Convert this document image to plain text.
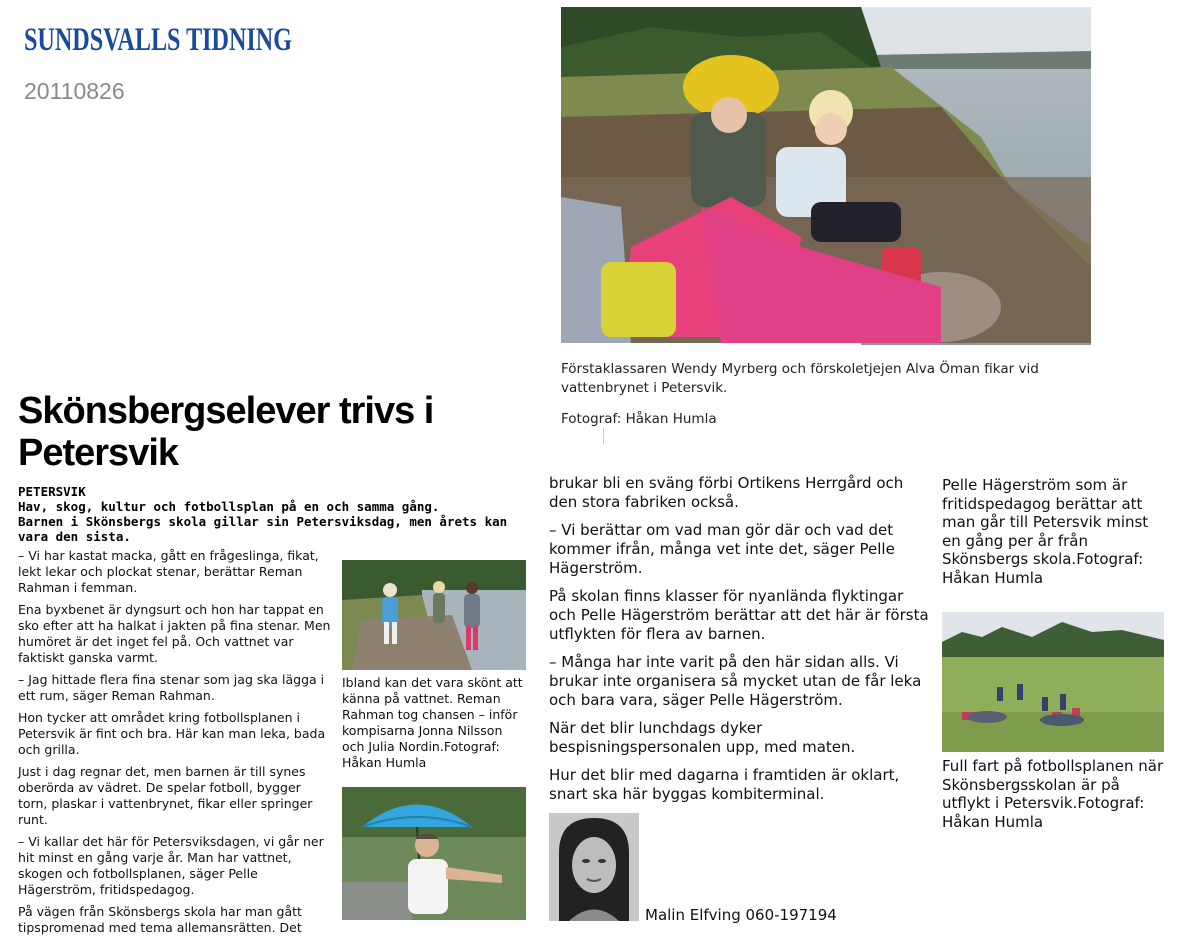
SUNDSVALLS TIDNING
20110826

Förstaklassaren Wendy Myrberg och förskoletjejen Alva Öman fikar vid vattenbrynet i Petersvik.

Fotograf: Håkan Humla

Skönsbergselever trivs i Petersvik
PETERSVIK
Hav, skog, kultur och fotbollsplan på en och samma gång.
Barnen i Skönsbergs skola gillar sin Petersviksdag, men årets kan vara den sista.

– Vi har kastat macka, gått en frågeslinga, fikat, lekt lekar och plockat stenar, berättar Reman Rahman i femman.

Ena byxbenet är dyngsurt och hon har tappat en sko efter att ha halkat i jakten på fina stenar. Men humöret är det inget fel på. Och vattnet var faktiskt ganska varmt.

– Jag hittade flera fina stenar som jag ska lägga i ett rum, säger Reman Rahman.

Hon tycker att området kring fotbollsplanen i Petersvik är fint och bra. Här kan man leka, bada och grilla.

Just i dag regnar det, men barnen är till synes oberörda av vädret. De spelar fotboll, bygger torn, plaskar i vattenbrynet, fikar eller springer runt.

– Vi kallar det här för Petersviksdagen, vi går ner hit minst en gång varje år. Man har vattnet, skogen och fotbollsplanen, säger Pelle Hägerström, fritidspedagog.

På vägen från Skönsbergs skola har man gått tipspromenad med tema allemansrätten. Det

Ibland kan det vara skönt att känna på vattnet. Reman Rahman tog chansen – inför kompisarna Jonna Nilsson och Julia Nordin.Fotograf: Håkan Humla

brukar bli en sväng förbi Ortikens Herrgård och den stora fabriken också.

– Vi berättar om vad man gör där och vad det kommer ifrån, många vet inte det, säger Pelle Hägerström.

På skolan finns klasser för nyanlända flyktingar och Pelle Hägerström berättar att det här är första utflykten för flera av barnen.

– Många har inte varit på den här sidan alls. Vi brukar inte organisera så mycket utan de får leka och bara vara, säger Pelle Hägerström.

När det blir lunchdags dyker bespisningspersonalen upp, med maten.

Hur det blir med dagarna i framtiden är oklart, snart ska här byggas kombiterminal.

Malin Elfving 060-197194
Pelle Hägerström som är fritidspedagog berättar att man går till Petersvik minst en gång per år från Skönsbergs skola.Fotograf: Håkan Humla
Full fart på fotbollsplanen när Skönsbergsskolan är på utflykt i Petersvik.Fotograf: Håkan Humla
